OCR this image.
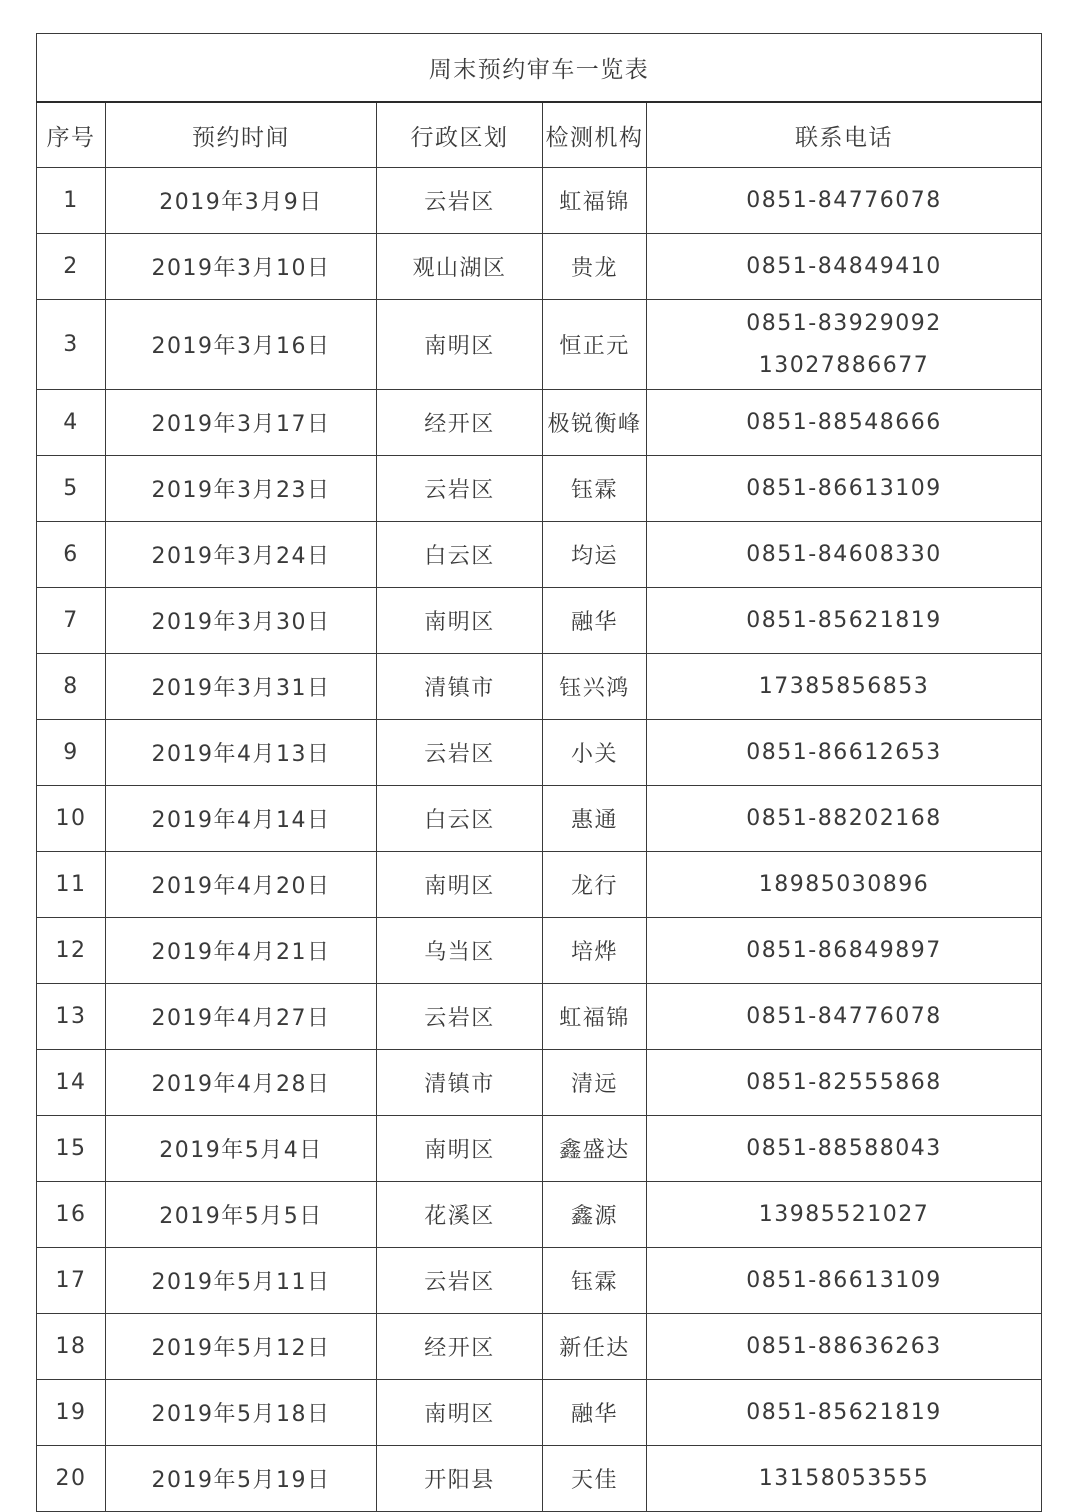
周末预约审车一览表				
序号	预约时间	行政区划	检测机构	联系电话
1	2019年3月9日	云岩区	虹福锦	0851-84776078

2	2019年3月10日	观山湖区	贵龙	0851-84849410

3	2019年3月16日	南明区	恒正元	0851-83929092
13027886677

4	2019年3月17日	经开区	极锐衡峰	0851-88548666

5	2019年3月23日	云岩区	钰霖	0851-86613109

6	2019年3月24日	白云区	均运	0851-84608330

7	2019年3月30日	南明区	融华	0851-85621819

8	2019年3月31日	清镇市	钰兴鸿	17385856853

9	2019年4月13日	云岩区	小关	0851-86612653

10	2019年4月14日	白云区	惠通	0851-88202168

11	2019年4月20日	南明区	龙行	18985030896

12	2019年4月21日	乌当区	培烨	0851-86849897

13	2019年4月27日	云岩区	虹福锦	0851-84776078

14	2019年4月28日	清镇市	清远	0851-82555868

15	2019年5月4日	南明区	鑫盛达	0851-88588043

16	2019年5月5日	花溪区	鑫源	13985521027

17	2019年5月11日	云岩区	钰霖	0851-86613109

18	2019年5月12日	经开区	新任达	0851-88636263

19	2019年5月18日	南明区	融华	0851-85621819

20	2019年5月19日	开阳县	天佳	13158053555
